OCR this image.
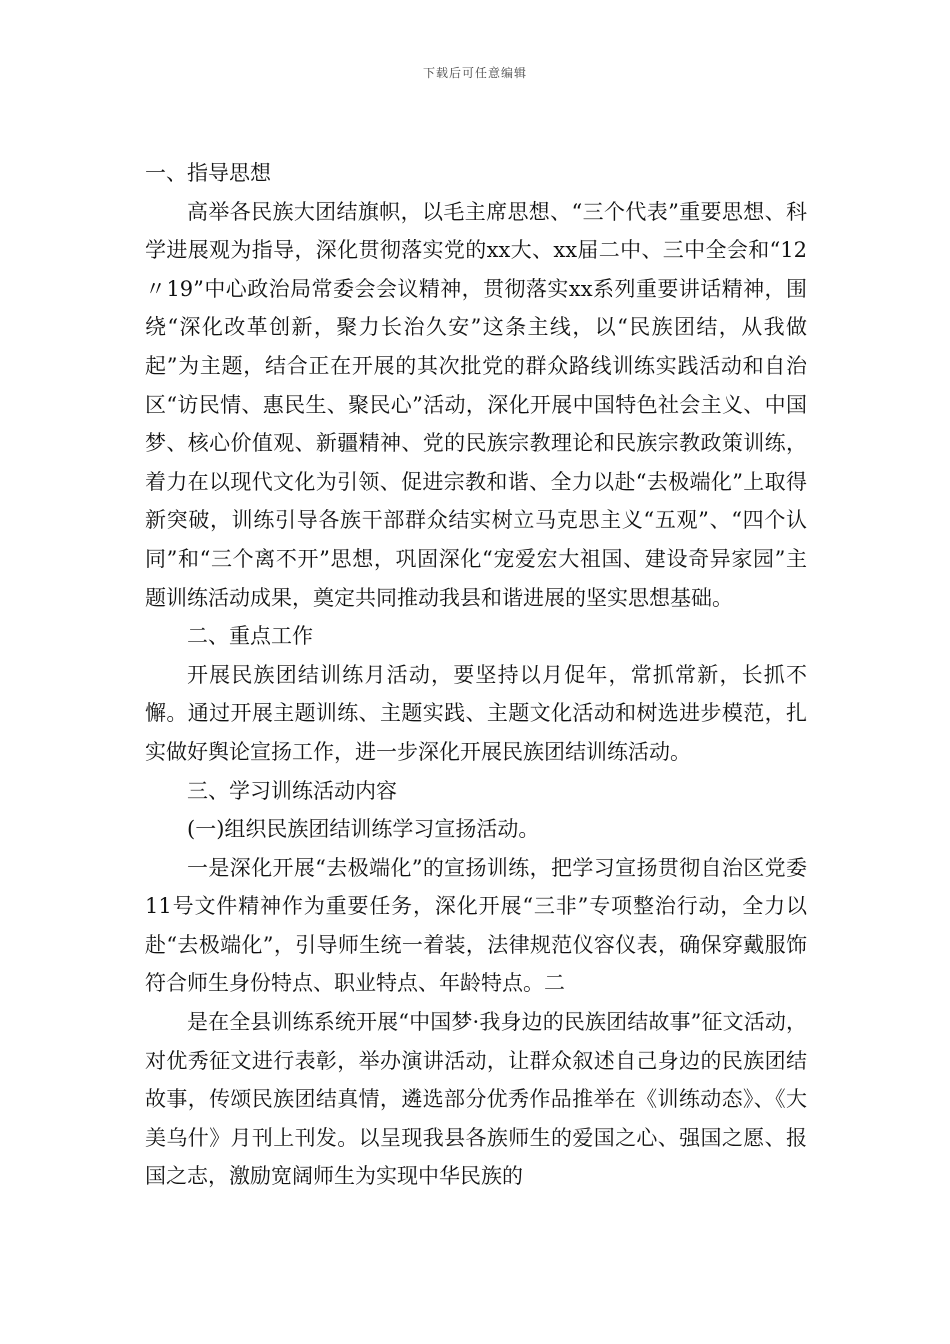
下载后可任意编辑

一、指导思想

高举各民族大团结旗帜，以毛主席思想、“三个代表”重要思想、科学进展观为指导，深化贯彻落实党的xx大、xx届二中、三中全会和“12〃19”中心政治局常委会会议精神，贯彻落实xx系列重要讲话精神，围绕“深化改革创新，聚力长治久安”这条主线，以“民族团结，从我做起”为主题，结合正在开展的其次批党的群众路线训练实践活动和自治区“访民情、惠民生、聚民心”活动，深化开展中国特色社会主义、中国梦、核心价值观、新疆精神、党的民族宗教理论和民族宗教政策训练，着力在以现代文化为引领、促进宗教和谐、全力以赴“去极端化”上取得新突破，训练引导各族干部群众结实树立马克思主义“五观”、“四个认同”和“三个离不开”思想，巩固深化“宠爱宏大祖国、建设奇异家园”主题训练活动成果，奠定共同推动我县和谐进展的坚实思想基础。

二、重点工作

开展民族团结训练月活动，要坚持以月促年，常抓常新，长抓不懈。通过开展主题训练、主题实践、主题文化活动和树选进步模范，扎实做好舆论宣扬工作，进一步深化开展民族团结训练活动。

三、学习训练活动内容

(一)组织民族团结训练学习宣扬活动。

一是深化开展“去极端化”的宣扬训练，把学习宣扬贯彻自治区党委11号文件精神作为重要任务，深化开展“三非”专项整治行动，全力以赴“去极端化”，引导师生统一着装，法律规范仪容仪表，确保穿戴服饰符合师生身份特点、职业特点、年龄特点。二

是在全县训练系统开展“中国梦·我身边的民族团结故事”征文活动，对优秀征文进行表彰，举办演讲活动，让群众叙述自己身边的民族团结故事，传颂民族团结真情，遴选部分优秀作品推举在《训练动态》、《大美乌什》月刊上刊发。以呈现我县各族师生的爱国之心、强国之愿、报国之志，激励宽阔师生为实现中华民族的
